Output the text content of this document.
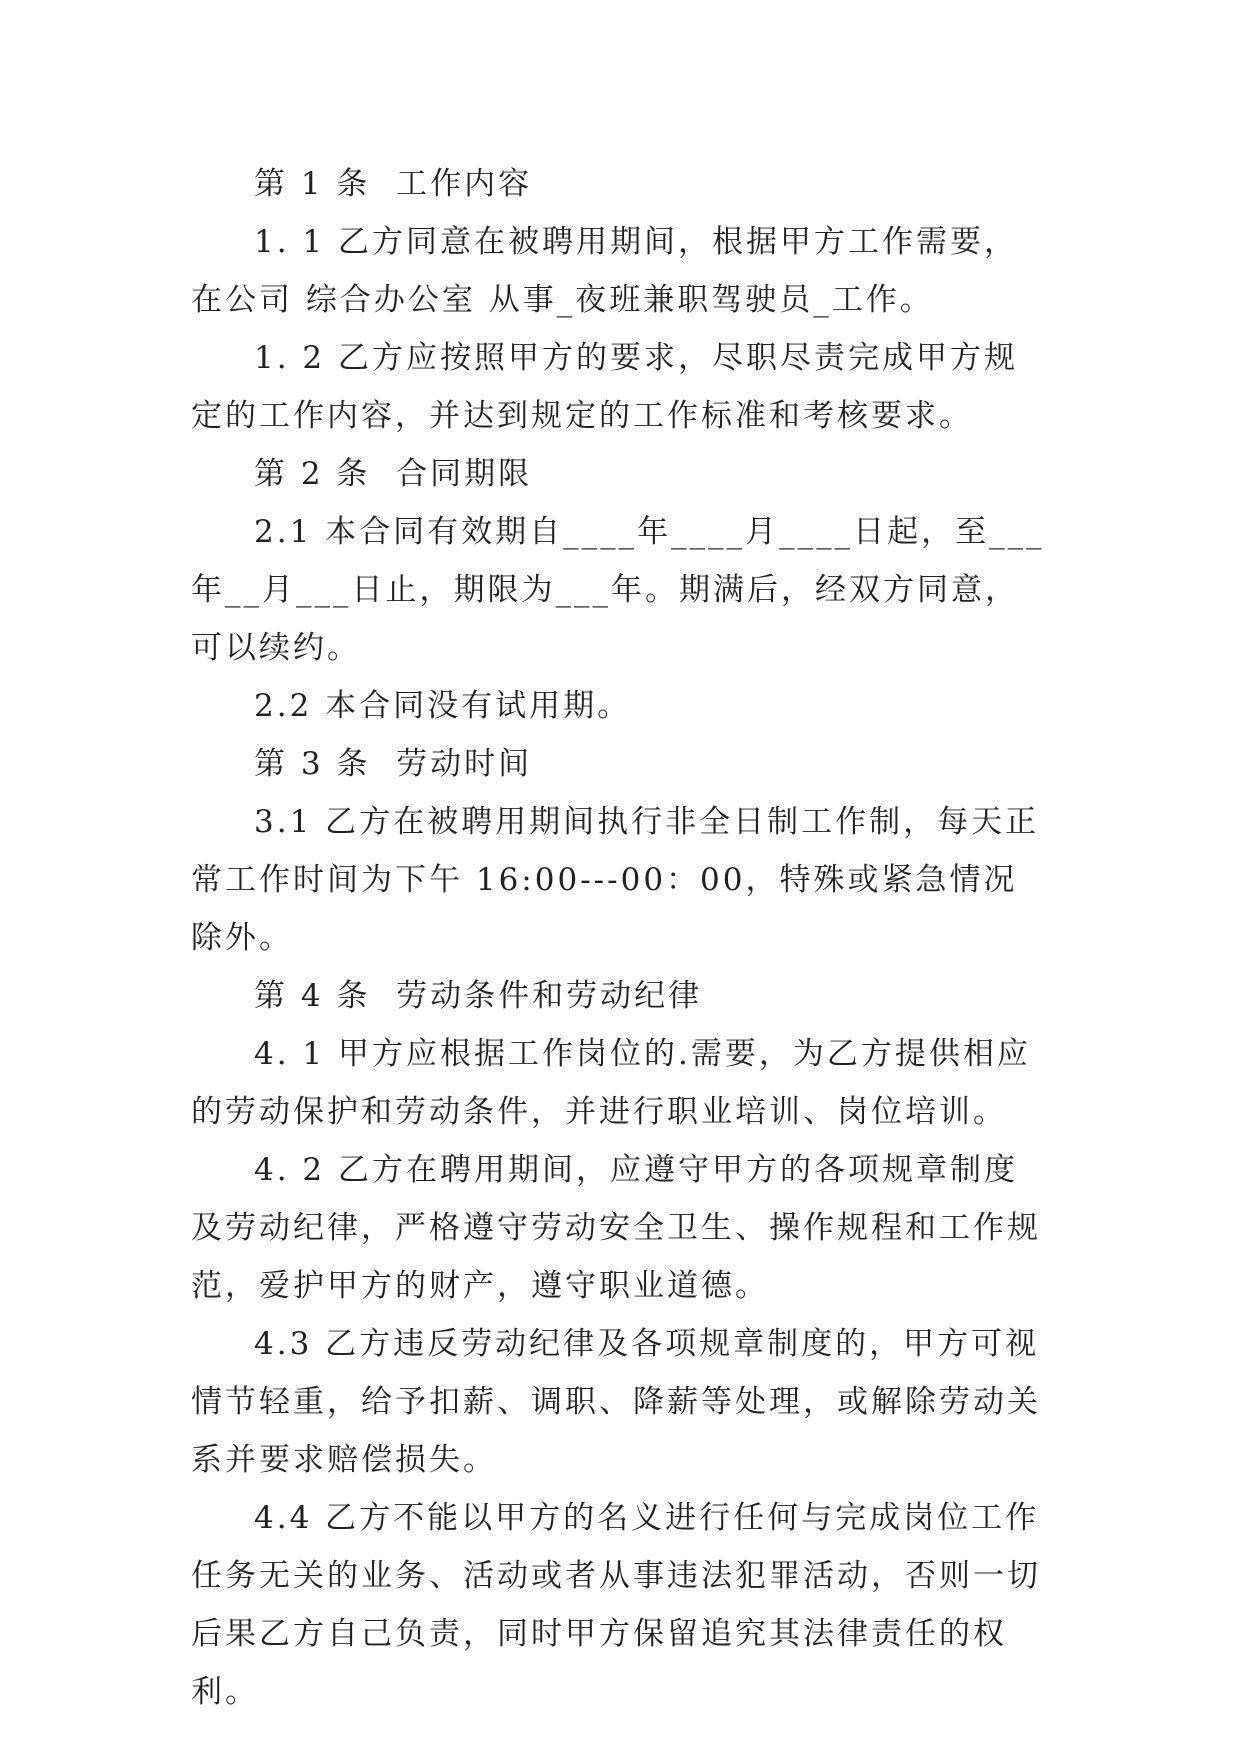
第 1 条  工作内容

1. 1 乙方同意在被聘用期间，根据甲方工作需要，在公司 综合办公室 从事_夜班兼职驾驶员_工作。

1. 2 乙方应按照甲方的要求，尽职尽责完成甲方规定的工作内容，并达到规定的工作标准和考核要求。

第 2 条  合同期限

2.1 本合同有效期自____年____月____日起，至___年__月___日止，期限为___年。期满后，经双方同意，可以续约。

2.2 本合同没有试用期。

第 3 条  劳动时间

3.1 乙方在被聘用期间执行非全日制工作制，每天正常工作时间为下午 16:00---00：00，特殊或紧急情况除外。

第 4 条  劳动条件和劳动纪律

4. 1 甲方应根据工作岗位的.需要，为乙方提供相应的劳动保护和劳动条件，并进行职业培训、岗位培训。

4. 2 乙方在聘用期间，应遵守甲方的各项规章制度及劳动纪律，严格遵守劳动安全卫生、操作规程和工作规范，爱护甲方的财产，遵守职业道德。

4.3 乙方违反劳动纪律及各项规章制度的，甲方可视情节轻重，给予扣薪、调职、降薪等处理，或解除劳动关系并要求赔偿损失。

4.4 乙方不能以甲方的名义进行任何与完成岗位工作任务无关的业务、活动或者从事违法犯罪活动，否则一切后果乙方自己负责，同时甲方保留追究其法律责任的权利。
